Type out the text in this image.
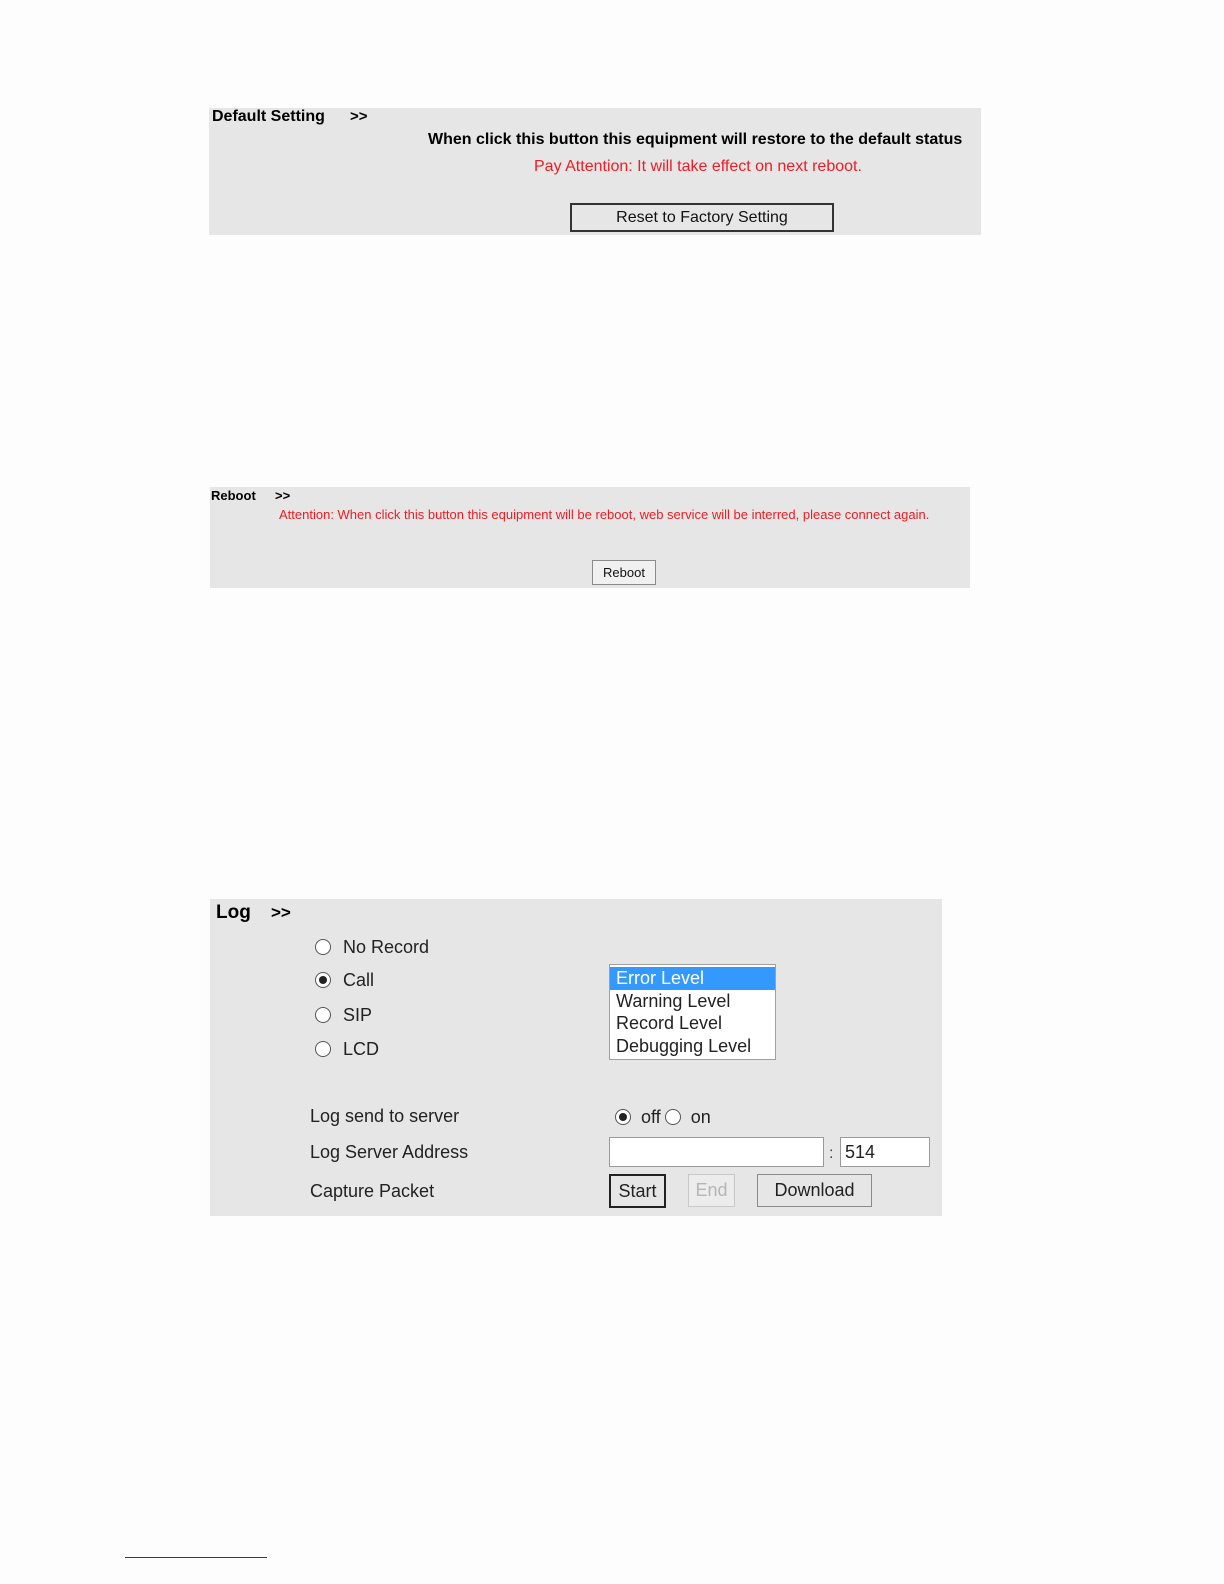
Default Setting >>
When click this button this equipment will restore to the default status
Pay Attention: It will take effect on next reboot.
Reset to Factory Setting
Reboot >>
Attention: When click this button this equipment will be reboot, web service will be interred, please connect again.
Reboot
Log >>
No Record
Call
SIP
LCD
Error Level
Warning Level
Record Level
Debugging Level
Log send to server	off on
Log Server Address	: 514
Capture Packet	Start	End	Download
